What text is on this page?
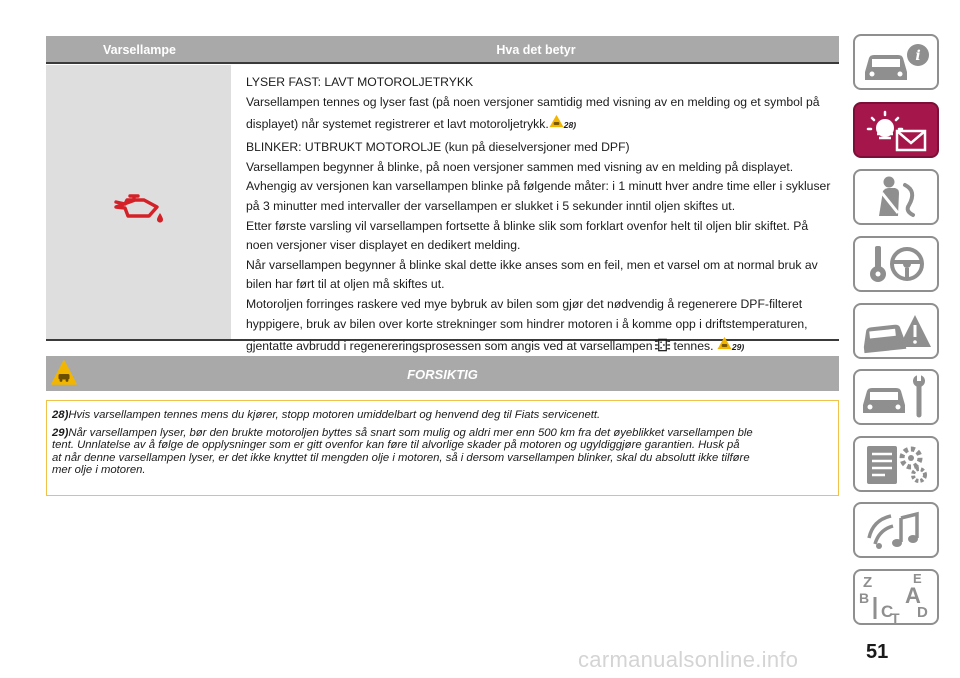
Varsellampe	Hva det betyr
LYSER FAST: LAVT MOTOROLJETRYKK
Varsellampen tennes og lyser fast (på noen versjoner samtidig med visning av en melding og et symbol på
displayet) når systemet registrerer et lavt motoroljetrykk. 28)
BLINKER: UTBRUKT MOTOROLJE (kun på dieselversjoner med DPF)
Varsellampen begynner å blinke, på noen versjoner sammen med visning av en melding på displayet.
Avhengig av versjonen kan varsellampen blinke på følgende måter: i 1 minutt hver andre time eller i sykluser
på 3 minutter med intervaller der varsellampen er slukket i 5 sekunder inntil oljen skiftes ut.
Etter første varsling vil varsellampen fortsette å blinke slik som forklart ovenfor helt til oljen blir skiftet. På
noen versjoner viser displayet en dedikert melding.
Når varsellampen begynner å blinke skal dette ikke anses som en feil, men et varsel om at normal bruk av
bilen har ført til at oljen må skiftes ut.
Motoroljen forringes raskere ved mye bybruk av bilen som gjør det nødvendig å regenerere DPF-filteret
hyppigere, bruk av bilen over korte strekninger som hindrer motoren i å komme opp i driftstemperaturen,
gjentatte avbrudd i regenereringsprosessen som angis ved at varsellampen tennes. 29)
FORSIKTIG
28)Hvis varsellampen tennes mens du kjører, stopp motoren umiddelbart og henvend deg til Fiats servicenett.
29)Når varsellampen lyser, bør den brukte motoroljen byttes så snart som mulig og aldri mer enn 500 km fra det øyeblikket varsellampen ble
tent. Unnlatelse av å følge de opplysninger som er gitt ovenfor kan føre til alvorlige skader på motoren og ugyldiggjøre garantien. Husk på
at når denne varsellampen lyser, er det ikke knyttet til mengden olje i motoren, så i dersom varsellampen blinker, skal du absolutt ikke tilføre
mer olje i motoren.
i
Z	E
B A
C D
T
51
carmanualsonline.info
